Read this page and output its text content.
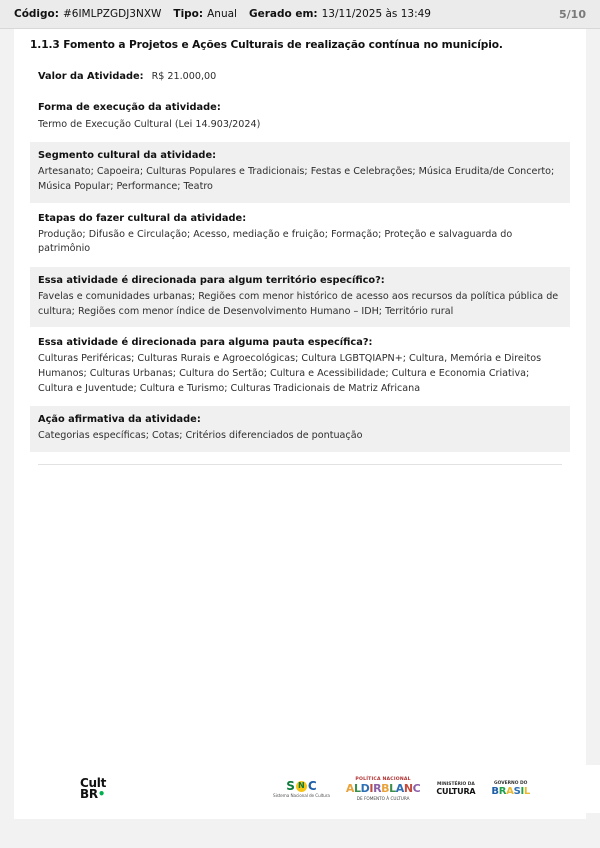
Código: #6IMLPZGDJ3NXW Tipo: Anual Gerado em: 13/11/2025 às 13:49	5/10
1.1.3 Fomento a Projetos e Ações Culturais de realização contínua no município.
Valor da Atividade: R$ 21.000,00
Forma de execução da atividade:
Termo de Execução Cultural (Lei 14.903/2024)
Segmento cultural da atividade:
Artesanato; Capoeira; Culturas Populares e Tradicionais; Festas e Celebrações; Música Erudita/de Concerto; Música Popular; Performance; Teatro
Etapas do fazer cultural da atividade:
Produção; Difusão e Circulação; Acesso, mediação e fruição; Formação; Proteção e salvaguarda do patrimônio
Essa atividade é direcionada para algum território específico?:
Favelas e comunidades urbanas; Regiões com menor histórico de acesso aos recursos da política pública de cultura; Regiões com menor índice de Desenvolvimento Humano – IDH; Território rural
Essa atividade é direcionada para alguma pauta específica?:
Culturas Periféricas; Culturas Rurais e Agroecológicas; Cultura LGBTQIAPN+; Cultura, Memória e Direitos Humanos; Culturas Urbanas; Cultura do Sertão; Cultura e Acessibilidade; Cultura e Economia Criativa; Cultura e Juventude; Cultura e Turismo; Culturas Tradicionais de Matriz Africana
Ação afirmativa da atividade:
Categorias específicas; Cotas; Critérios diferenciados de pontuação
Cult
BR•
S N C
Sistema Nacional de Cultura
POLÍTICA NACIONAL
ALDIRBLANC
DE FOMENTO À CULTURA
MINISTÉRIO DA
CULTURA
GOVERNO DO
BRASIL
